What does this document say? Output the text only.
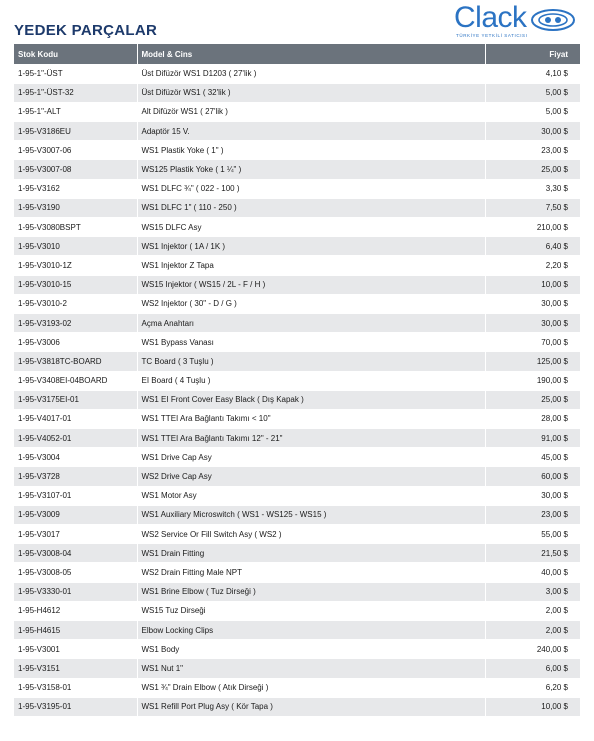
YEDEK PARÇALAR	Clack
TÜRKİYE YETKİLİ SATICISI
Stok Kodu	Model & Cins	Fiyat
1-95-1"-ÜST	Üst Difüzör WS1 D1203 ( 27'lik )	4,10 $
1-95-1"-ÜST-32	Üst Difüzör WS1 ( 32'lik )	5,00 $
1-95-1"-ALT	Alt Difüzör WS1 ( 27'lik )	5,00 $
1-95-V3186EU	Adaptör 15 V.	30,00 $
1-95-V3007-06	WS1 Plastik Yoke ( 1" )	23,00 $
1-95-V3007-08	WS125 Plastik Yoke ( 1 ¼" )	25,00 $
1-95-V3162	WS1 DLFC ¾" ( 022 - 100 )	3,30 $
1-95-V3190	WS1 DLFC 1" ( 110 - 250 )	7,50 $
1-95-V3080BSPT	WS15 DLFC Asy	210,00 $
1-95-V3010	WS1 Injektor ( 1A / 1K )	6,40 $
1-95-V3010-1Z	WS1 Injektor Z Tapa	2,20 $
1-95-V3010-15	WS15 Injektor ( WS15 / 2L - F / H )	10,00 $
1-95-V3010-2	WS2 Injektor ( 30" - D / G )	30,00 $
1-95-V3193-02	Açma Anahtarı	30,00 $
1-95-V3006	WS1 Bypass Vanası	70,00 $
1-95-V3818TC-BOARD	TC Board ( 3 Tuşlu )	125,00 $
1-95-V3408EI-04BOARD	EI Board ( 4 Tuşlu )	190,00 $
1-95-V3175EI-01	WS1 EI Front Cover Easy Black ( Dış Kapak )	25,00 $
1-95-V4017-01	WS1 TTEI Ara Bağlantı Takımı < 10"	28,00 $
1-95-V4052-01	WS1 TTEI Ara Bağlantı Takımı 12" - 21"	91,00 $
1-95-V3004	WS1 Drive Cap Asy	45,00 $
1-95-V3728	WS2 Drive Cap Asy	60,00 $
1-95-V3107-01	WS1 Motor Asy	30,00 $
1-95-V3009	WS1 Auxiliary Microswitch ( WS1 - WS125 - WS15 )	23,00 $
1-95-V3017	WS2 Service Or Fill Switch Asy ( WS2 )	55,00 $
1-95-V3008-04	WS1 Drain Fitting	21,50 $
1-95-V3008-05	WS2 Drain Fitting Male NPT	40,00 $
1-95-V3330-01	WS1 Brine Elbow ( Tuz Dirseği )	3,00 $
1-95-H4612	WS15 Tuz Dirseği	2,00 $
1-95-H4615	Elbow Locking Clips	2,00 $
1-95-V3001	WS1 Body	240,00 $
1-95-V3151	WS1 Nut 1"	6,00 $
1-95-V3158-01	WS1 ¾" Drain Elbow ( Atık Dirseği )	6,20 $
1-95-V3195-01	WS1 Refill Port Plug Asy ( Kör Tapa )	10,00 $
